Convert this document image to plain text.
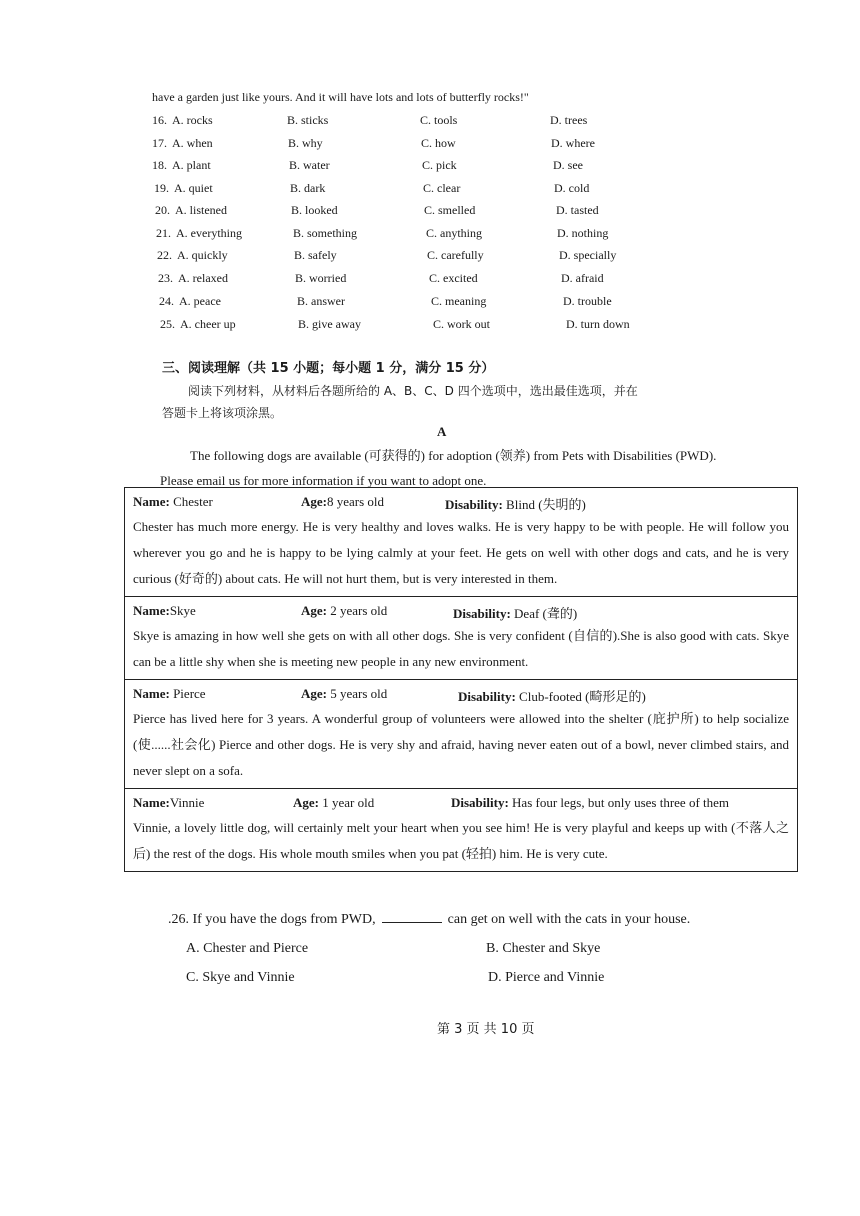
have a garden just like yours. And it will have lots and lots of butterfly rocks!"
16. A. rocks	B. sticks	C. tools	D. trees
17. A. when	B. why	C. how	D. where
18. A. plant	B. water	C. pick	D. see
19. A. quiet	B. dark	C. clear	D. cold
20. A. listened	B. looked	C. smelled	D. tasted
21. A. everything	B. something	C. anything	D. nothing
22. A. quickly	B. safely	C. carefully	D. specially
23. A. relaxed	B. worried	C. excited	D. afraid
24. A. peace	B. answer	C. meaning	D. trouble
25. A. cheer up	B. give away	C. work out	D. turn down
三、阅读理解（共 15 小题；每小题 1 分，满分 15 分）
阅读下列材料，从材料后各题所给的 A、B、C、D 四个选项中，选出最佳选项，并在
答题卡上将该项涂黑。
A
The following dogs are available (可获得的) for adoption (领养) from Pets with Disabilities (PWD). Please email us for more information if you want to adopt one.
Name: Chester	Age:8 years old	Disability: Blind (失明的)
Chester has much more energy. He is very healthy and loves walks. He is very happy to be with people. He will follow you wherever you go and he is happy to be lying calmly at your feet. He gets on well with other dogs and cats, and he is very curious (好奇的) about cats. He will not hurt them, but is very interested in them.
Name:Skye	Age: 2 years old	Disability: Deaf (聋的)
Skye is amazing in how well she gets on with all other dogs. She is very confident (自信的).She is also good with cats. Skye can be a little shy when she is meeting new people in any new environment.
Name: Pierce	Age: 5 years old	Disability: Club-footed (畸形足的)
Pierce has lived here for 3 years. A wonderful group of volunteers were allowed into the shelter (庇护所) to help socialize (使......社会化) Pierce and other dogs. He is very shy and afraid, having never eaten out of a bowl, never climbed stairs, and never slept on a sofa.
Name:Vinnie	Age: 1 year old	Disability: Has four legs, but only uses three of them
Vinnie, a lovely little dog, will certainly melt your heart when you see him! He is very playful and keeps up with (不落人之后) the rest of the dogs. His whole mouth smiles when you pat (轻拍) him. He is very cute.
.26. If you have the dogs from PWD,	can get on well with the cats in your house.
A. Chester and Pierce	B. Chester and Skye
C. Skye and Vinnie	D. Pierce and Vinnie
第 3 页 共 10 页
